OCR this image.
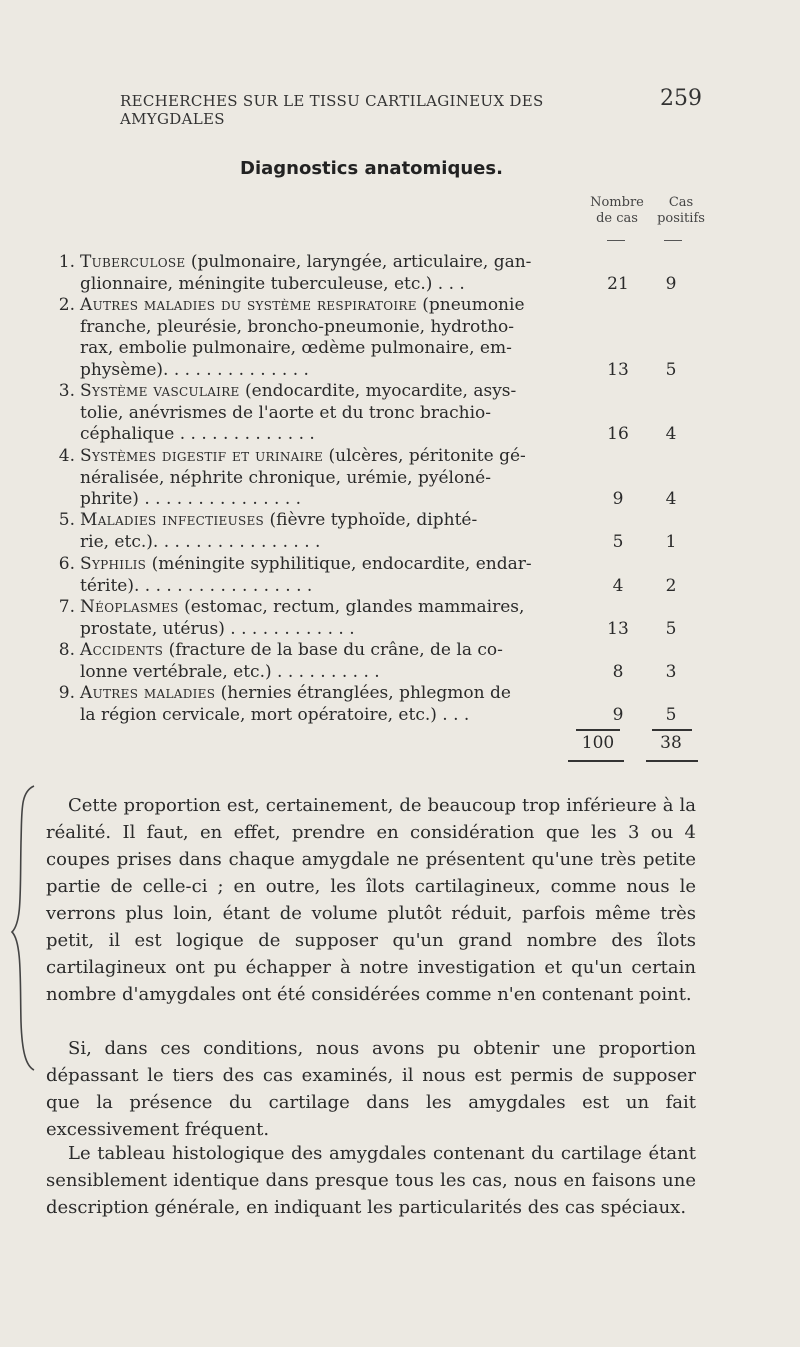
RECHERCHES SUR LE TISSU CARTILAGINEUX DES AMYGDALES
259
Diagnostics anatomiques.
Nombre
de cas
Cas
positifs
1. Tuberculose (pulmonaire, laryngée, articulaire, gan-
glionnaire, méningite tuberculeuse, etc.) . . .	21	9
2. Autres maladies du système respiratoire (pneumonie
franche, pleurésie, broncho-pneumonie, hydrotho-
rax, embolie pulmonaire, œdème pulmonaire, em-
physème). . . . . . . . . . . . . .	13	5
3. Système vasculaire (endocardite, myocardite, asys-
tolie, anévrismes de l'aorte et du tronc brachio-
céphalique . . . . . . . . . . . . .	16	4
4. Systèmes digestif et urinaire (ulcères, péritonite gé-
néralisée, néphrite chronique, urémie, pyéloné-
phrite) . . . . . . . . . . . . . . .	9	4
5. Maladies infectieuses (fièvre typhoïde, diphté-
rie, etc.). . . . . . . . . . . . . . . .	5	1
6. Syphilis (méningite syphilitique, endocardite, endar-
térite). . . . . . . . . . . . . . . . .	4	2
7. Néoplasmes (estomac, rectum, glandes mammaires,
prostate, utérus) . . . . . . . . . . . .	13	5
8. Accidents (fracture de la base du crâne, de la co-
lonne vertébrale, etc.) . . . . . . . . . .	8	3
9. Autres maladies (hernies étranglées, phlegmon de
la région cervicale, mort opératoire, etc.) . . .	9	5
100	38

Cette proportion est, certainement, de beaucoup trop inférieure à la réalité. Il faut, en effet, prendre en considération que les 3 ou 4 coupes prises dans chaque amygdale ne présentent qu'une très petite partie de celle-ci ; en outre, les îlots cartilagineux, comme nous le verrons plus loin, étant de volume plutôt réduit, parfois même très petit, il est logique de supposer qu'un grand nombre des îlots cartilagineux ont pu échapper à notre investigation et qu'un certain nombre d'amygdales ont été considérées comme n'en contenant point.

Si, dans ces conditions, nous avons pu obtenir une proportion dépassant le tiers des cas examinés, il nous est permis de supposer que la présence du cartilage dans les amygdales est un fait excessivement fréquent.

Le tableau histologique des amygdales contenant du cartilage étant sensiblement identique dans presque tous les cas, nous en faisons une description générale, en indiquant les particularités des cas spéciaux.
